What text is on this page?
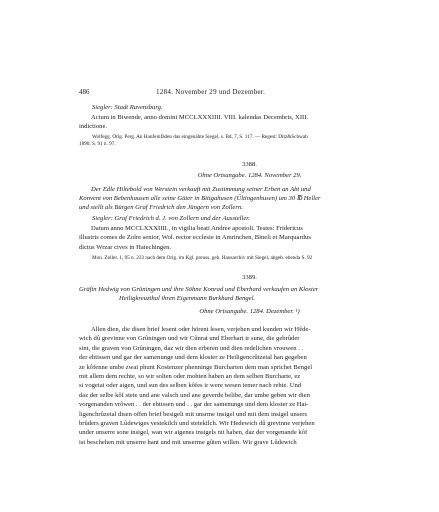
486	1284. November 29 und Dezember.
Siegler: Stadt Ravensburg.
Actum in Biwende, anno domini MCCLXXXIIII. VIII. kalendas Decembris, XIII.
indictione.
Wolfegg. Orig. Perg. An Hanfeinfäden das eingenähte Siegel, s. Bd. 7, S. 117. — Regest: Ditz&Schwab
1890, S. 91 n. 97.
3388.
Ohne Ortsangabe. 1284. November 29.
Der Edle Hiltebold von Werstein verkauft mit Zustimmung seiner Erben an Abt und
Konvent von Bebenhausen alle seine Güter in Bittgahusen (Ültingenhusen) um 30 ℔ Heller
und stellt als Bürgen Graf Friedrich den Jüngern von Zollern.
Siegler: Graf Friedrich d. J. von Zollern und der Aussteller.
Datum anno MCCLXXXIIII., in vigilia beati Andree apostoli. Testes: Fridericus
illustris comes de Zolre senior, Wol. rector ecclesie in Amrinchen, Bineli et Marquardus
dictus Wrzar cives in Haiechingen.
Mon. Zoller. 1, 95 n. 223 nach dem Orig. im Kgl. preuss. geh. Hausarchiv mit Siegel, abgeb. ebenda S. 92
3389.
Gräfin Hedwig von Grüningen und ihre Söhne Konrad und Eberhard verkaufen an Kloster
Heiligkreuzthal ihren Eigenmann Burkhard Bengel.
Ohne Ortsangabe. 1284. Dezember. ¹)
Allen dien, die disen brief lesent oder hörent lesen, verjehen und kunden wir Hêde-
wich dû grevinne von Grûningen und wir Cûnrat und Eberhart ir sune, die gebrûder
sint, die graven von Grûningen, daz wir dien erberen und dien redelichen vrouwen . .
der ebtissen und gar der samenunge und dem kloster ze Heiligencrûtzetal han gegeben
ze kôfenne umbe zwai phunt Kostenzer phenninge Burcharten dem man sprichet Bengel
mit allem dem rechte, so wir solten oder mohten haben an dem selben Burcharte, ez
si vogetai oder aigen, und sun des selben kôfes ir were wesen iemer nach rehte. Und
daz der selbe kôf stete und ane valsch und ane geverde belibe, dar umbe geben wir dien
vorgenanden vrôwen . . der ebtissen und . . gar der samenunge und dem kloster ze Hai-
ligenchrûzetal disen offen brief besigelt mit unsrme insigel und mit dem insigel unsers
brûders graven Lûdewiges vestekilch und stetekilch. Wir Hedewich dû grevinne verjehen
under unserre sone insigel, wan wir aigenes insigels nit haben, daz der vorgenande kôf
ist beschehen mit unserre hant und mit unserme gûten willen. Wir grave Lûdewich
